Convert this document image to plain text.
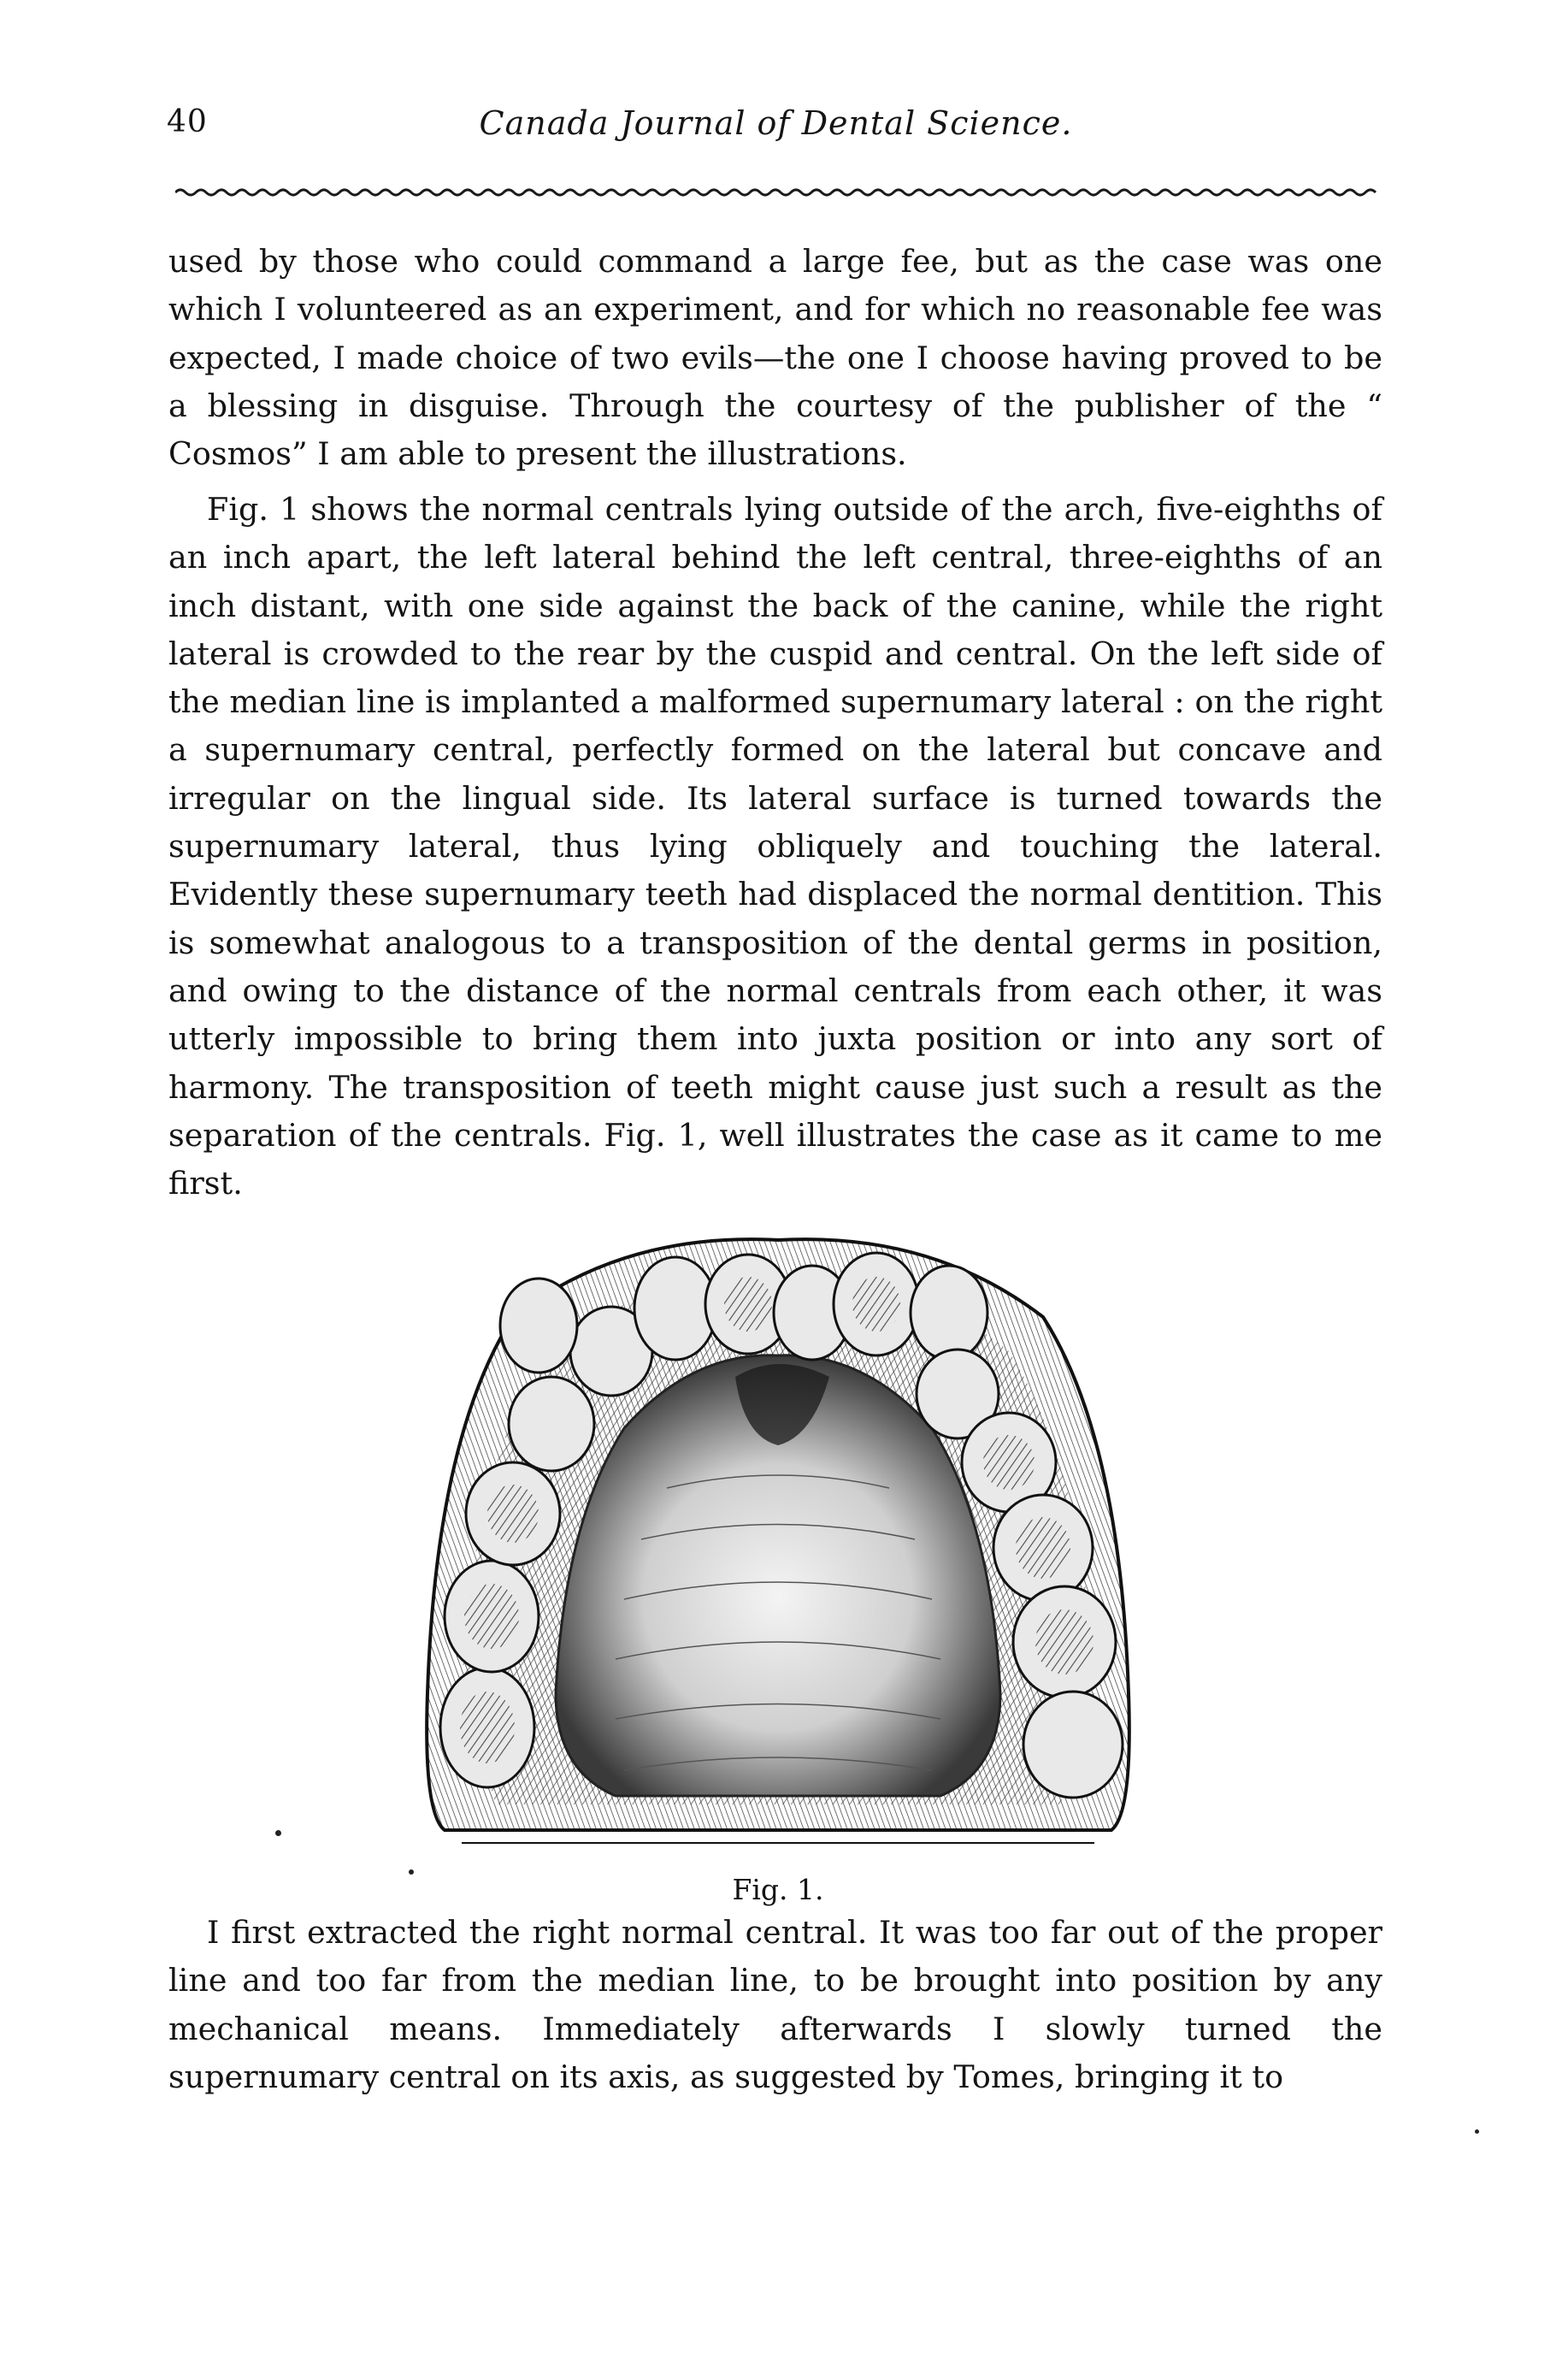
40	Canada Journal of Dental Science.

used by those who could command a large fee, but as the case was one which I volunteered as an experiment, and for which no reasonable fee was expected, I made choice of two evils—the one I choose having proved to be a blessing in disguise. Through the courtesy of the publisher of the “ Cosmos” I am able to present the illustrations.

Fig. 1 shows the normal centrals lying outside of the arch, five-eighths of an inch apart, the left lateral behind the left central, three-eighths of an inch distant, with one side against the back of the canine, while the right lateral is crowded to the rear by the cuspid and central. On the left side of the median line is implanted a malformed supernumary lateral : on the right a supernumary central, perfectly formed on the lateral but concave and irregular on the lingual side. Its lateral surface is turned towards the supernumary lateral, thus lying obliquely and touching the lateral. Evidently these supernumary teeth had displaced the normal dentition. This is somewhat analogous to a transposition of the dental germs in position, and owing to the distance of the normal centrals from each other, it was utterly impossible to bring them into juxta position or into any sort of harmony. The transposition of teeth might cause just such a result as the separation of the centrals. Fig. 1, well illustrates the case as it came to me first.

Fig. 1.

I first extracted the right normal central. It was too far out of the proper line and too far from the median line, to be brought into position by any mechanical means. Immediately afterwards I slowly turned the supernumary central on its axis, as suggested by Tomes, bringing it to
